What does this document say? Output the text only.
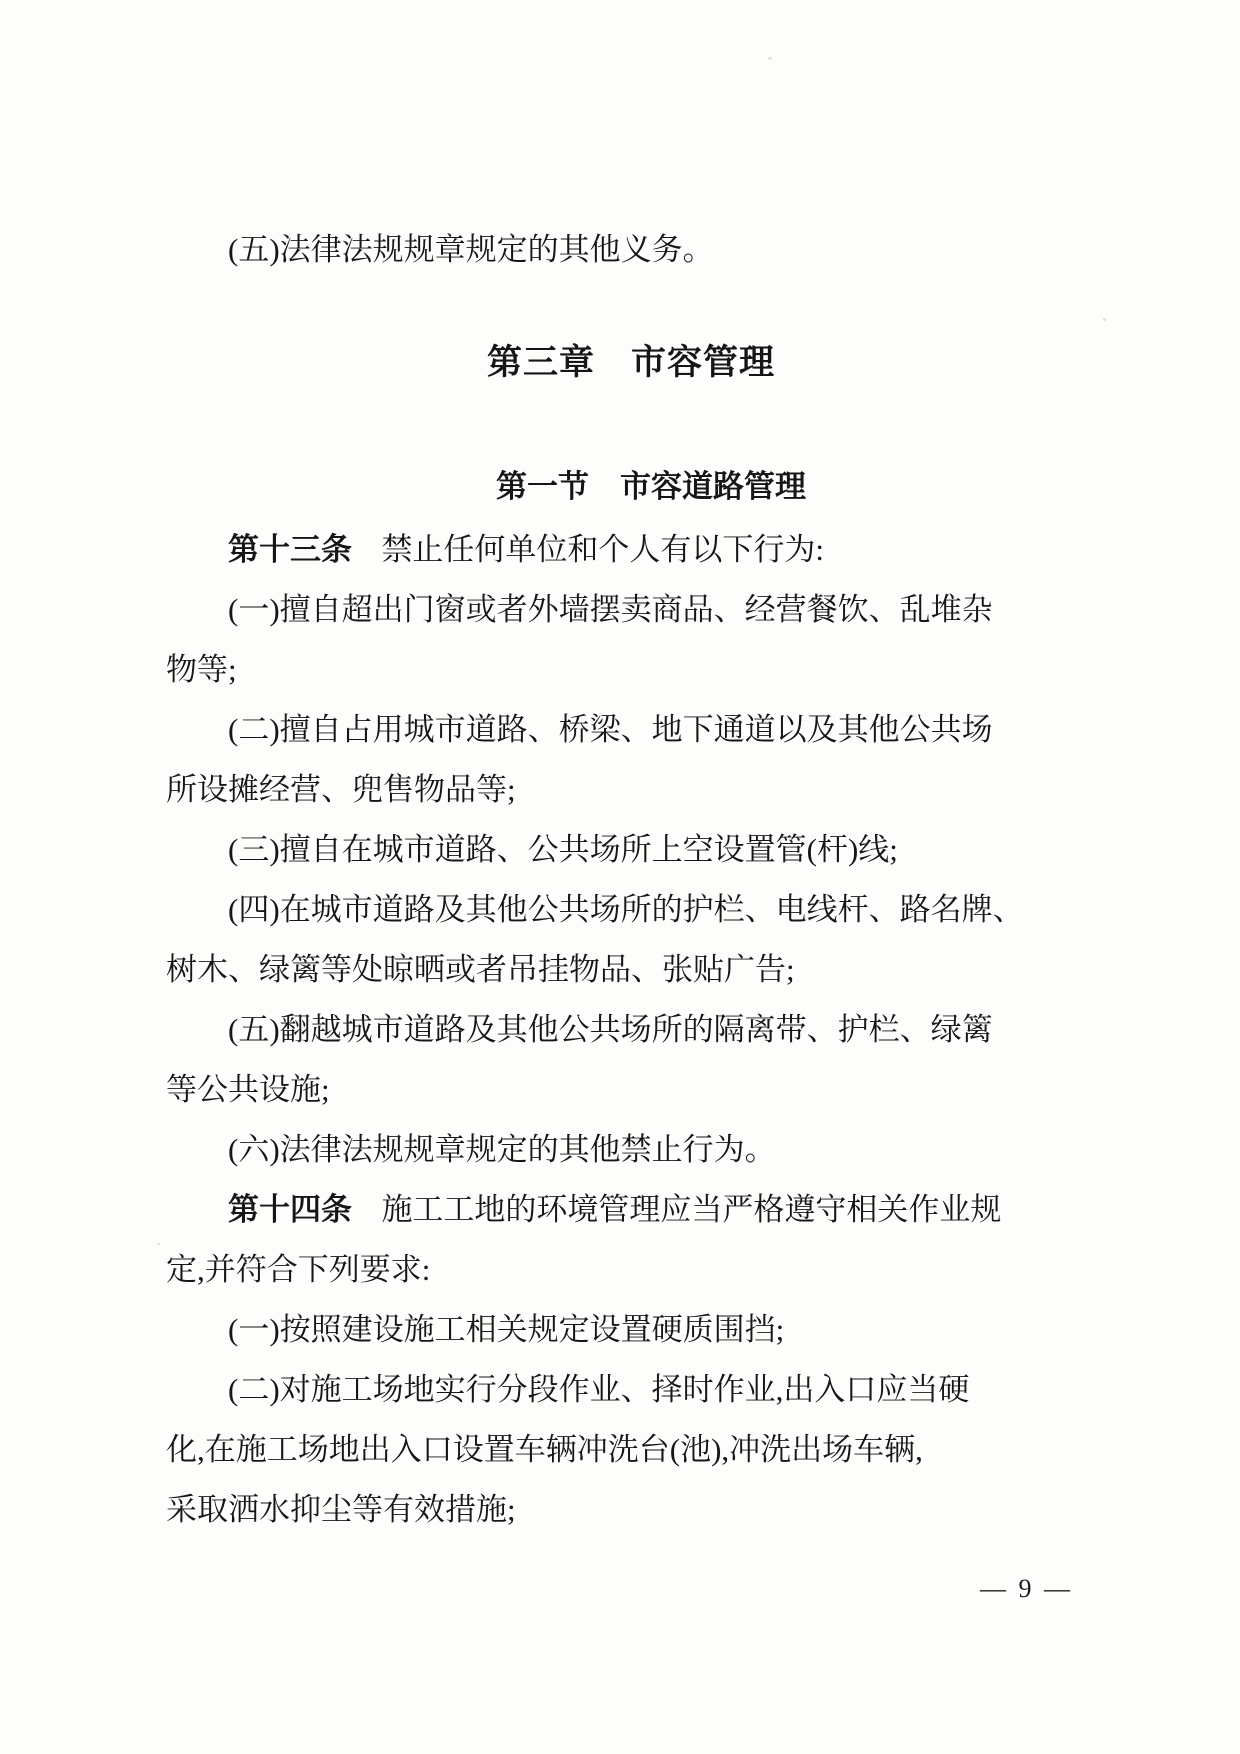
(五)法律法规规章规定的其他义务。
第三章　市容管理
第一节　市容道路管理
第十三条 禁止任何单位和个人有以下行为:
(一)擅自超出门窗或者外墙摆卖商品、经营餐饮、乱堆杂
物等;
(二)擅自占用城市道路、桥梁、地下通道以及其他公共场
所设摊经营、兜售物品等;
(三)擅自在城市道路、公共场所上空设置管(杆)线;
(四)在城市道路及其他公共场所的护栏、电线杆、路名牌、
树木、绿篱等处晾晒或者吊挂物品、张贴广告;
(五)翻越城市道路及其他公共场所的隔离带、护栏、绿篱
等公共设施;
(六)法律法规规章规定的其他禁止行为。
第十四条 施工工地的环境管理应当严格遵守相关作业规
定,并符合下列要求:
(一)按照建设施工相关规定设置硬质围挡;
(二)对施工场地实行分段作业、择时作业,出入口应当硬
化,在施工场地出入口设置车辆冲洗台(池),冲洗出场车辆,
采取洒水抑尘等有效措施;
— 9 —
